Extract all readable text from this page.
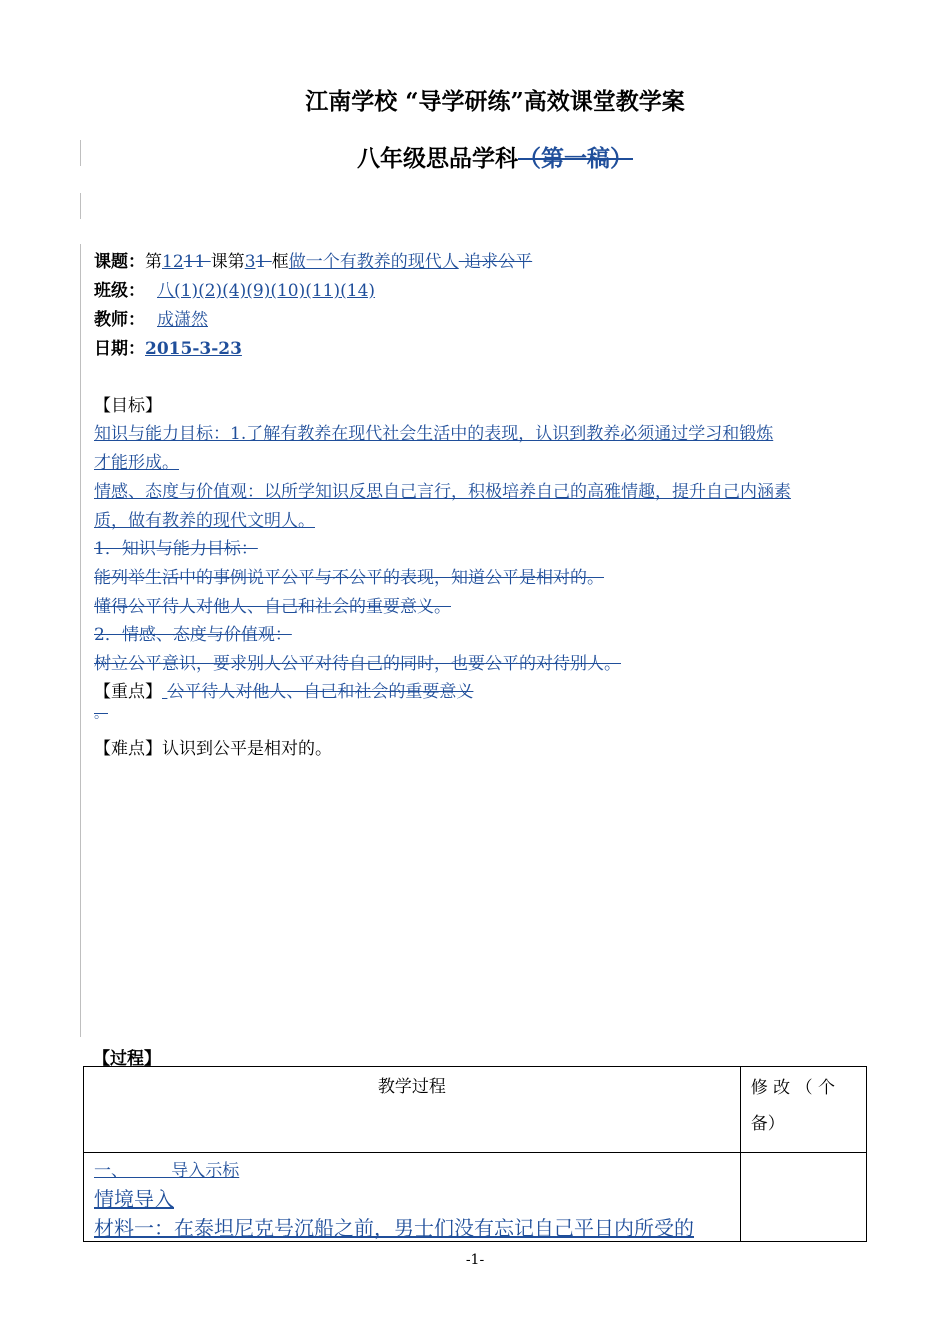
江南学校 “导学研练”高效课堂教学案
八年级思品学科（第一稿）
课题：第1211 课第31 框做一个有教养的现代人 追求公平
班级： 八(1)(2)(4)(9)(10)(11)(14)
教师： 成潇然
日期：2015-3-23
【目标】
知识与能力目标：1.了解有教养在现代社会生活中的表现，认识到教养必须通过学习和锻炼
才能形成。
情感、态度与价值观：以所学知识反思自己言行，积极培养自己的高雅情趣，提升自己内涵素
质，做有教养的现代文明人。
1．知识与能力目标：
能列举生活中的事例说平公平与不公平的表现，知道公平是相对的。
懂得公平待人对他人、自己和社会的重要意义。
2．情感、态度与价值观：
树立公平意识，要求别人公平对待自己的同时，也要公平的对待别人。
【重点】 公平待人对他人、自己和社会的重要意义
。
【难点】认识到公平是相对的。
【过程】
教学过程	修 改 （ 个
备）

一、        导入示标
情境导入
材料一：在泰坦尼克号沉船之前，男士们没有忘记自己平日内所受的	

-1-
